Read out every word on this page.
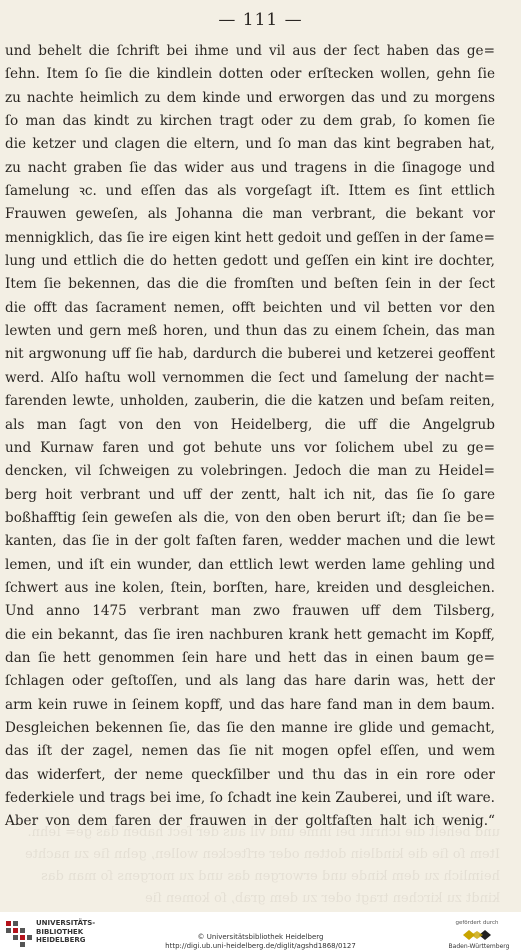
— 111 —
und behelt die ſchrift bei ihme und vil aus der ſect haben das ge=
ſehn. Item ſo ſie die kindlein dotten oder erſtecken wollen, gehn ſie
zu nachte heimlich zu dem kinde und erworgen das und zu morgens
ſo man das kindt zu kirchen tragt oder zu dem grab, ſo komen ſie
die ketzer und clagen die eltern, und ſo man das kint begraben hat,
zu nacht graben ſie das wider aus und tragens in die ſinagoge und
ſamelung ꝛc. und eſſen das als vorgeſagt iſt. Ittem es ſint ettlich
Frauwen geweſen, als Johanna die man verbrant, die bekant vor
mennigklich, das ſie ire eigen kint hett gedoit und geſſen in der ſame=
lung und ettlich die do hetten gedott und geſſen ein kint ire dochter,
Item ſie bekennen, das die die fromſten und beſten ſein in der ſect
die offt das ſacrament nemen, offt beichten und vil betten vor den
lewten und gern meß horen, und thun das zu einem ſchein, das man
nit argwonung uff ſie hab, dardurch die buberei und ketzerei geoffent
werd. Alſo haſtu woll vernommen die ſect und ſamelung der nacht=
farenden lewte, unholden, zauberin, die die katzen und beſam reiten,
als man ſagt von den von Heidelberg, die uff die Angelgrub
und Kurnaw faren und got behute uns vor ſolichem ubel zu ge=
dencken, vil ſchweigen zu volebringen. Jedoch die man zu Heidel=
berg hoit verbrant und uff der zentt, halt ich nit, das ſie ſo gare
boßhafftig ſein geweſen als die, von den oben berurt iſt; dan ſie be=
kanten, das ſie in der golt faſten faren, wedder machen und die lewt
lemen, und iſt ein wunder, dan ettlich lewt werden lame gehling und
ſchwert aus ine kolen, ſtein, borſten, hare, kreiden und desgleichen.
Und anno 1475 verbrant man zwo frauwen uff dem Tilsberg,
die ein bekannt, das ſie iren nachburen krank hett gemacht im Kopff,
dan ſie hett genommen ſein hare und hett das in einen baum ge=
ſchlagen oder geſtoſſen, und als lang das hare darin was, hett der
arm kein ruwe in ſeinem kopff, und das hare fand man in dem baum.
Desgleichen bekennen ſie, das ſie den manne ire glide und gemacht,
das iſt der zagel, nemen das ſie nit mogen opfel eſſen, und wem
das widerfert, der neme queckſilber und thu das in ein rore oder
federkiele und trags bei ime, ſo ſchadt ine kein Zauberei, und iſt ware.
Aber von dem faren der frauwen in der goltfaſten halt ich wenig.“
und behelt die ſchrift bei ihme und vil aus der ſect haben das ge= ſehn. Item ſo ſie die kindlein dotten oder erſtecken wollen, gehn ſie zu nachte heimlich zu dem kinde und erworgen das und zu morgens ſo man das kindt zu kirchen tragt oder zu dem grab, ſo komen ſie
UNIVERSITÄTS-
BIBLIOTHEK
HEIDELBERG	© Universitätsbibliothek Heidelberg
http://digi.ub.uni-heidelberg.de/diglit/agshd1868/0127
gefördert durch
Baden-Württemberg
